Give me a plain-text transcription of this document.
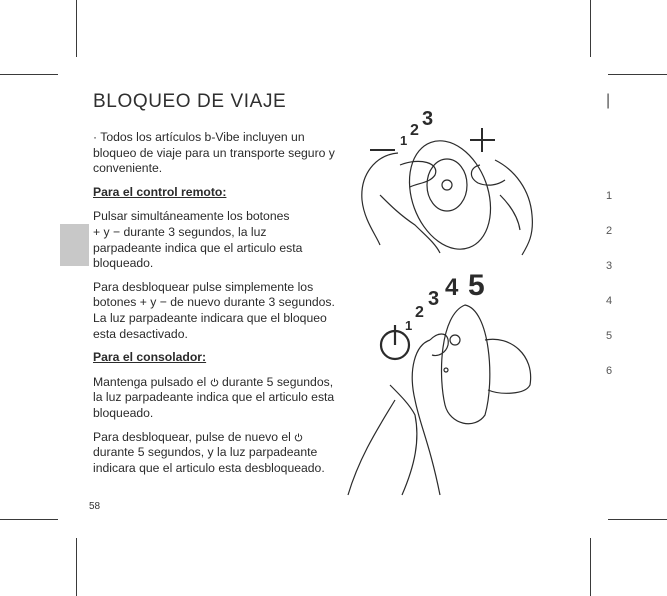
BLOQUEO DE VIAJE

· Todos los artículos b-Vibe incluyen un bloqueo de viaje para un transporte seguro y conveniente.

Para el control remoto:

Pulsar simultáneamente los botones
+ y − durante 3 segundos, la luz parpadeante indica que el articulo esta bloqueado.

Para desbloquear pulse simplemente los botones + y − de nuevo durante 3 segundos. La luz parpadeante indicara que el bloqueo esta desactivado.

Para el consolador:

Mantenga pulsado el durante 5 segundos, la luz parpadeante indica que el articulo esta bloqueado.

Para desbloquear, pulse de nuevo el  durante 5 segundos, y la luz parpadeante indicara que el articulo esta desbloqueado.

1
2
3
1
2
3 4 5
58
|
1
2
3
4
5
6
